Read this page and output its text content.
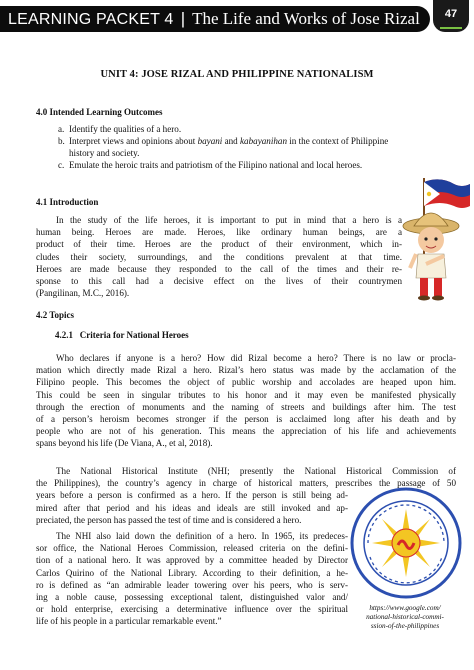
LEARNING PACKET 4 | The Life and Works of Jose Rizal	47
UNIT 4: JOSE RIZAL AND PHILIPPINE NATIONALISM
4.0 Intended Learning Outcomes
a. Identify the qualities of a hero.
b. Interpret views and opinions about bayani and kabayanihan in the context of Philippine
history and society.
c. Emulate the heroic traits and patriotism of the Filipino national and local heroes.
4.1 Introduction
In the study of the life heroes, it is important to put in mind that a hero is a
human being. Heroes are made. Heroes, like ordinary human beings, are a
product of their time. Heroes are the product of their environment, which in-
cludes their society, surroundings, and the conditions prevalent at that time.
Heroes are made because they responded to the call of the times and their re-
sponse to this call had a decisive effect on the lives of their countrymen
(Pangilinan, M.C., 2016).
4.2 Topics
4.2.1 Criteria for National Heroes
Who declares if anyone is a hero? How did Rizal become a hero? There is no law or procla-
mation which directly made Rizal a hero. Rizal’s hero status was made by the acclamation of the
Filipino people. This becomes the object of public worship and accolades are heaped upon him.
This could be seen in singular tributes to his honor and it may even be manifested physically
through the erection of monuments and the naming of streets and buildings after him. The test
of a person’s heroism becomes stronger if the person is acclaimed long after his death and by
people who are not of his generation. This means the appreciation of his life and achievements
spans beyond his life (De Viana, A., et al, 2018).
The National Historical Institute (NHI; presently the National Historical Commission of
the Philippines), the country’s agency in charge of historical matters, prescribes the passage of 50
years before a person is confirmed as a hero. If the person is still being ad-
mired after that period and his ideas and ideals are still invoked and ap-
preciated, the person has passed the test of time and is considered a hero.
The NHI also laid down the definition of a hero. In 1965, its predeces-
sor office, the National Heroes Commission, released criteria on the defini-
tion of a national hero. It was approved by a committee headed by Director
Carlos Quirino of the National Library. According to their definition, a he-
ro is defined as “an admirable leader towering over his peers, who is serv-
ing a noble cause, possessing exceptional talent, distinguished valor and/
or hold enterprise, exercising a determinative influence over the spiritual
life of his people in a particular remarkable event.”
https://www.google.com/
national-historical-commi-
ssion-of-the-philippines
